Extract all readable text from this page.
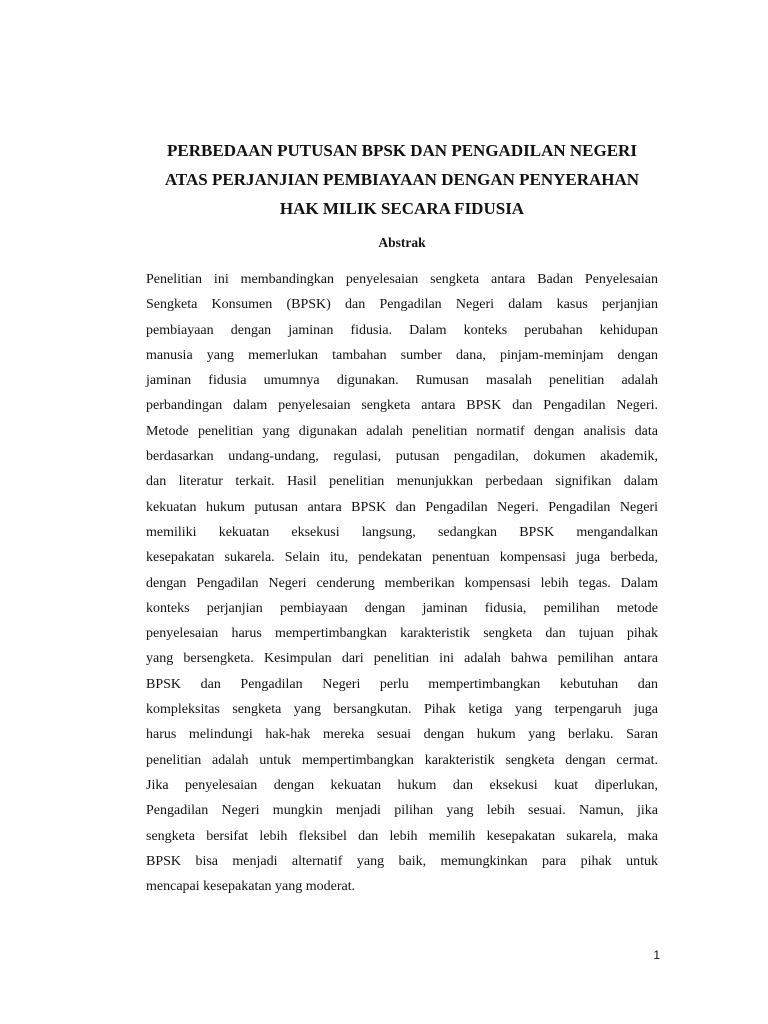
PERBEDAAN PUTUSAN BPSK DAN PENGADILAN NEGERI
ATAS PERJANJIAN PEMBIAYAAN DENGAN PENYERAHAN
HAK MILIK SECARA FIDUSIA
Abstrak
Penelitian ini membandingkan penyelesaian sengketa antara Badan Penyelesaian
Sengketa Konsumen (BPSK) dan Pengadilan Negeri dalam kasus perjanjian
pembiayaan dengan jaminan fidusia. Dalam konteks perubahan kehidupan
manusia yang memerlukan tambahan sumber dana, pinjam-meminjam dengan
jaminan fidusia umumnya digunakan. Rumusan masalah penelitian adalah
perbandingan dalam penyelesaian sengketa antara BPSK dan Pengadilan Negeri.
Metode penelitian yang digunakan adalah penelitian normatif dengan analisis data
berdasarkan undang-undang, regulasi, putusan pengadilan, dokumen akademik,
dan literatur terkait. Hasil penelitian menunjukkan perbedaan signifikan dalam
kekuatan hukum putusan antara BPSK dan Pengadilan Negeri. Pengadilan Negeri
memiliki kekuatan eksekusi langsung, sedangkan BPSK mengandalkan
kesepakatan sukarela. Selain itu, pendekatan penentuan kompensasi juga berbeda,
dengan Pengadilan Negeri cenderung memberikan kompensasi lebih tegas. Dalam
konteks perjanjian pembiayaan dengan jaminan fidusia, pemilihan metode
penyelesaian harus mempertimbangkan karakteristik sengketa dan tujuan pihak
yang bersengketa. Kesimpulan dari penelitian ini adalah bahwa pemilihan antara
BPSK dan Pengadilan Negeri perlu mempertimbangkan kebutuhan dan
kompleksitas sengketa yang bersangkutan. Pihak ketiga yang terpengaruh juga
harus melindungi hak-hak mereka sesuai dengan hukum yang berlaku. Saran
penelitian adalah untuk mempertimbangkan karakteristik sengketa dengan cermat.
Jika penyelesaian dengan kekuatan hukum dan eksekusi kuat diperlukan,
Pengadilan Negeri mungkin menjadi pilihan yang lebih sesuai. Namun, jika
sengketa bersifat lebih fleksibel dan lebih memilih kesepakatan sukarela, maka
BPSK bisa menjadi alternatif yang baik, memungkinkan para pihak untuk
mencapai kesepakatan yang moderat.
1
